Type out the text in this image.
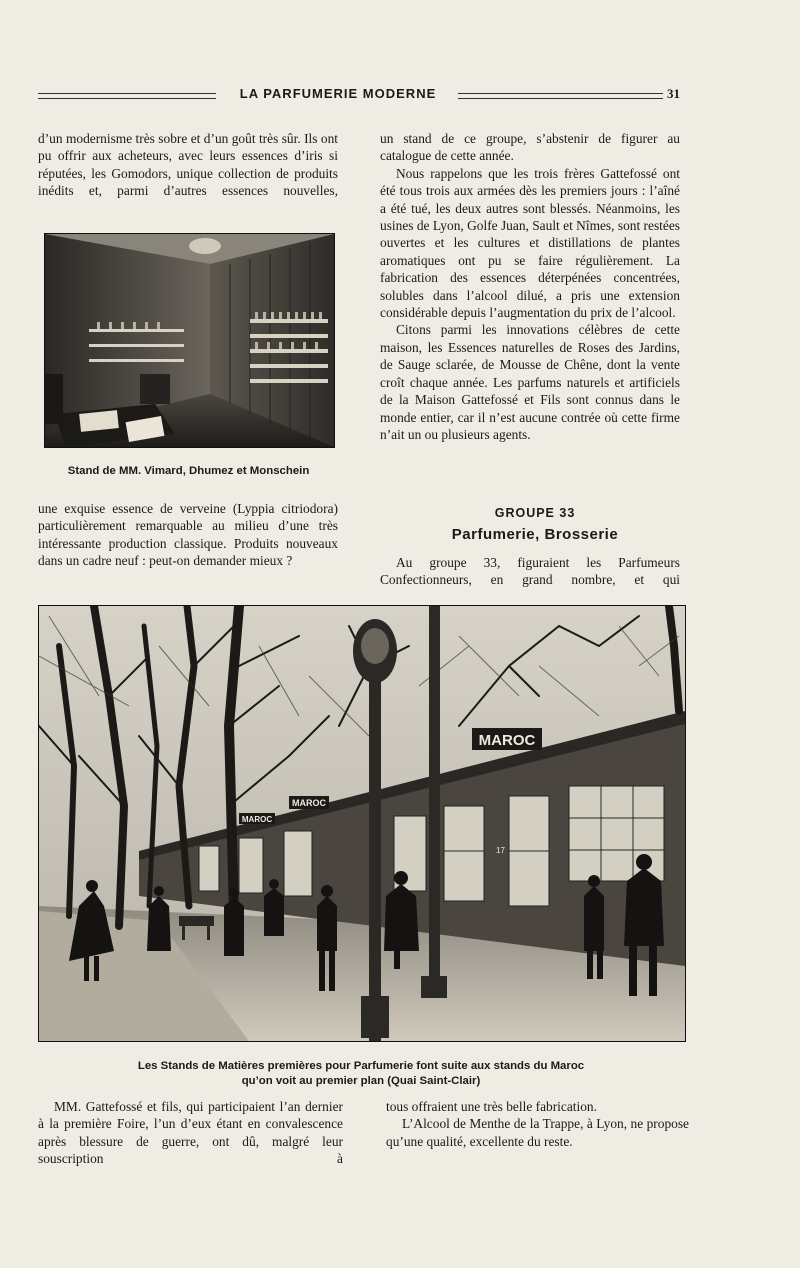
LA PARFUMERIE MODERNE	31

d’un modernisme très sobre et d’un goût très sûr. Ils ont pu offrir aux acheteurs, avec leurs essences d’iris si réputées, les Gomodors, unique collection de produits inédits et, parmi d’autres essences nouvelles,

Stand de MM. Vimard, Dhumez et Monschein

une exquise essence de verveine (Lyppia citriodora) particulièrement remarquable au milieu d’une très intéressante production classique. Produits nouveaux dans un cadre neuf : peut-on demander mieux ?

un stand de ce groupe, s’abstenir de figurer au catalogue de cette année.

Nous rappelons que les trois frères Gattefossé ont été tous trois aux armées dès les premiers jours : l’aîné a été tué, les deux autres sont blessés. Néanmoins, les usines de Lyon, Golfe Juan, Sault et Nîmes, sont restées ouvertes et les cultures et distillations de plantes aromatiques ont pu se faire régulièrement. La fabrication des essences déterpénées concentrées, solubles dans l’alcool dilué, a pris une extension considérable depuis l’augmentation du prix de l’alcool.

Citons parmi les innovations célèbres de cette maison, les Essences naturelles de Roses des Jardins, de Sauge sclarée, de Mousse de Chêne, dont la vente croît chaque année. Les parfums naturels et artificiels de la Maison Gattefossé et Fils sont connus dans le monde entier, car il n’est aucune contrée où cette firme n’ait un ou plusieurs agents.

GROUPE 33
Parfumerie, Brosserie

Au groupe 33, figuraient les Parfumeurs Confectionneurs, en grand nombre, et qui

MAROC
MAROC
MAROC
17
Les Stands de Matières premières pour Parfumerie font suite aux stands du Maroc
qu’on voit au premier plan (Quai Saint-Clair)

MM. Gattefossé et fils, qui participaient l’an dernier à la première Foire, l’un d’eux étant en convalescence après blessure de guerre, ont dû, malgré leur souscription à

tous offraient une très belle fabrication.

L’Alcool de Menthe de la Trappe, à Lyon, ne propose qu’une qualité, excellente du reste.
